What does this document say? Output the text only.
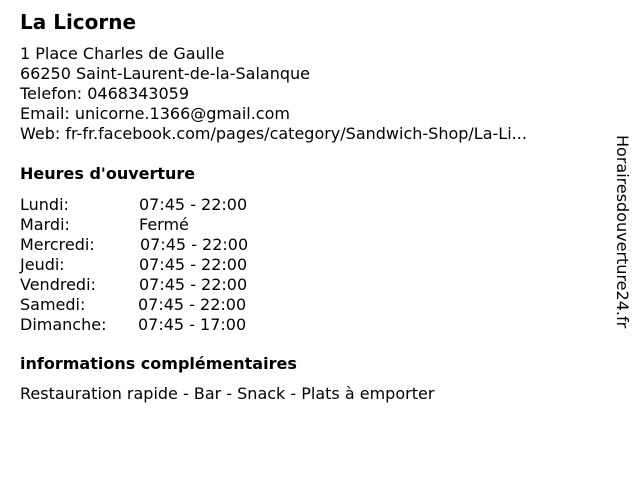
La Licorne
1 Place Charles de Gaulle
66250 Saint-Laurent-de-la-Salanque
Telefon: 0468343059
Email: unicorne.1366@gmail.com
Web: fr-fr.facebook.com/pages/category/Sandwich-Shop/La-Li...
Heures d'ouverture
Lundi:	07:45 - 22:00
Mardi:	Fermé
Mercredi:	07:45 - 22:00
Jeudi:	07:45 - 22:00
Vendredi:	07:45 - 22:00
Samedi:	07:45 - 22:00
Dimanche: 07:45 - 17:00
informations complémentaires
Restauration rapide - Bar - Snack - Plats à emporter
Horairesdouverture24.fr
